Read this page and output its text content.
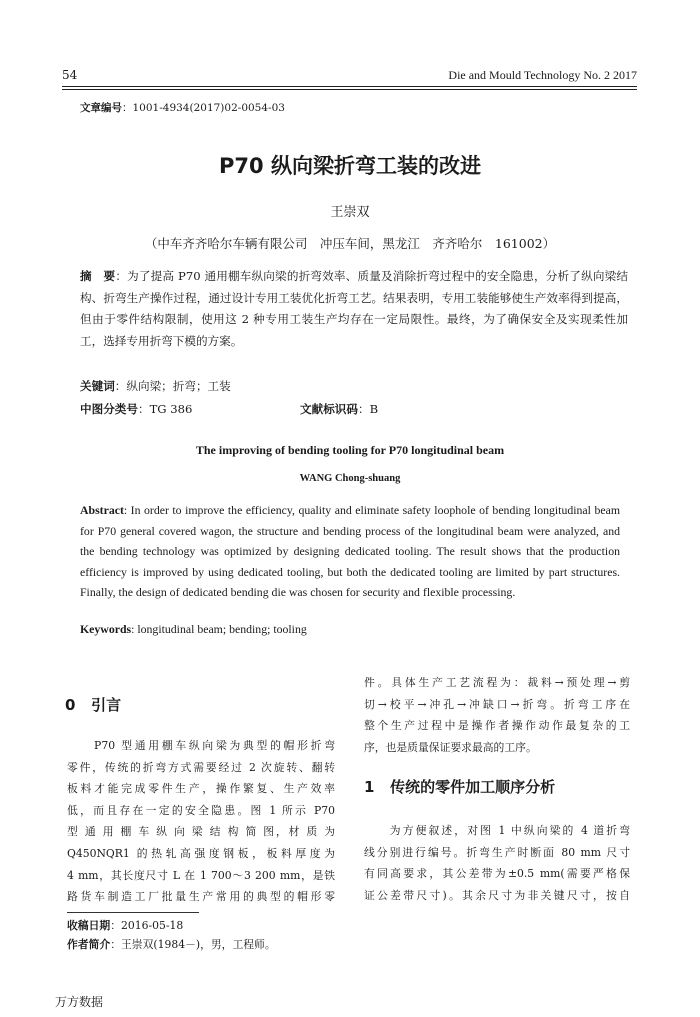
54	Die and Mould Technology No. 2 2017
文章编号：1001-4934(2017)02-0054-03
P70 纵向梁折弯工装的改进
王崇双
（中车齐齐哈尔车辆有限公司　冲压车间，黑龙江　齐齐哈尔　161002）
摘　要：为了提高 P70 通用棚车纵向梁的折弯效率、质量及消除折弯过程中的安全隐患，分析了纵向梁结构、折弯生产操作过程，通过设计专用工装优化折弯工艺。结果表明，专用工装能够使生产效率得到提高，但由于零件结构限制，使用这 2 种专用工装生产均存在一定局限性。最终，为了确保安全及实现柔性加工，选择专用折弯下模的方案。
关键词：纵向梁；折弯；工装
中图分类号：TG 386	文献标识码：B
The improving of bending tooling for P70 longitudinal beam
WANG Chong-shuang
Abstract: In order to improve the efficiency, quality and eliminate safety loophole of bending longitudinal beam for P70 general covered wagon, the structure and bending process of the longitudinal beam were analyzed, and the bending technology was optimized by designing dedicated tooling. The result shows that the production efficiency is improved by using dedicated tooling, but both the dedicated tooling are limited by part structures. Finally, the design of dedicated bending die was chosen for security and flexible processing.
Keywords: longitudinal beam; bending; tooling
0 引言
　　P70 型通用棚车纵向梁为典型的帽形折弯
零件，传统的折弯方式需要经过 2 次旋转、翻转
板料才能完成零件生产，操作繁复、生产效率
低，而且存在一定的安全隐患。图 1 所示 P70
型 通 用 棚 车 纵 向 梁 结 构 简 图，材 质 为
Q450NQR1 的热轧高强度钢板，板料厚度为
4 mm，其长度尺寸 L 在 1 700～3 200 mm，是铁
路货车制造工厂批量生产常用的典型的帽形零
件。具体生产工艺流程为：裁料→预处理→剪
切→校平→冲孔→冲缺口→折弯。折弯工序在
整个生产过程中是操作者操作动作最复杂的工
序，也是质量保证要求最高的工序。
1 传统的零件加工顺序分析
　　为方便叙述，对图 1 中纵向梁的 4 道折弯
线分别进行编号。折弯生产时断面 80 mm 尺寸
有同高要求，其公差带为±0.5 mm(需要严格保
证公差带尺寸)。其余尺寸为非关键尺寸，按自
收稿日期：2016-05-18
作者简介：王崇双(1984－)，男，工程师。
万方数据
